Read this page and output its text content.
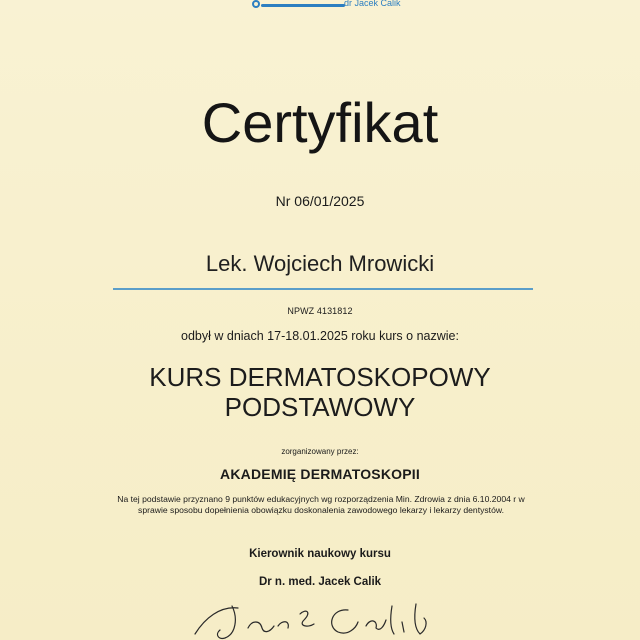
dr Jacek Calik
Certyfikat
Nr 06/01/2025
Lek. Wojciech Mrowicki
NPWZ 4131812
odbył w dniach 17-18.01.2025 roku kurs o nazwie:
KURS DERMATOSKOPOWY
PODSTAWOWY
zorganizowany przez:
AKADEMIĘ DERMATOSKOPII
Na tej podstawie przyznano 9 punktów edukacyjnych wg rozporządzenia Min. Zdrowia z dnia 6.10.2004 r w
sprawie sposobu dopełnienia obowiązku doskonalenia zawodowego lekarzy i lekarzy dentystów.
Kierownik naukowy kursu
Dr n. med. Jacek Calik
